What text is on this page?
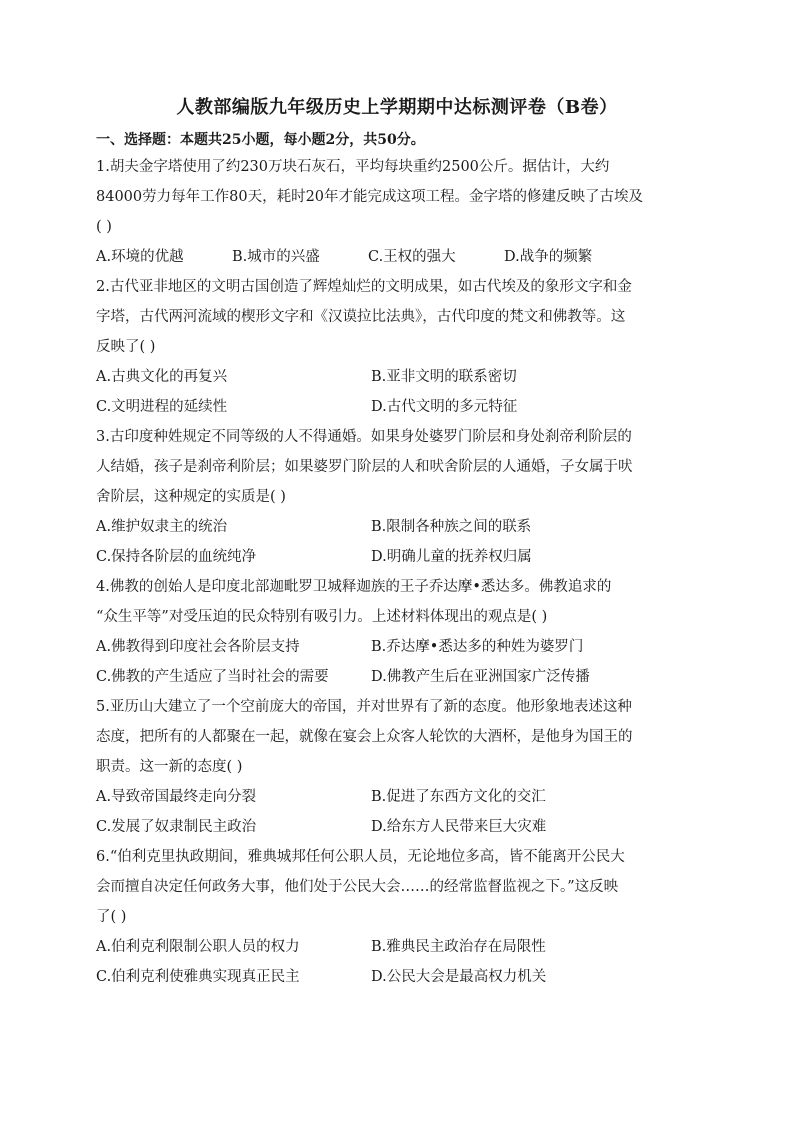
人教部编版九年级历史上学期期中达标测评卷（B卷）

一、选择题：本题共25小题，每小题2分，共50分。

1.胡夫金字塔使用了约230万块石灰石，平均每块重约2500公斤。据估计，大约

84000劳力每年工作80天，耗时20年才能完成这项工程。金字塔的修建反映了古埃及

( )

A.环境的优越	B.城市的兴盛	C.王权的强大	D.战争的频繁

2.古代亚非地区的文明古国创造了辉煌灿烂的文明成果，如古代埃及的象形文字和金

字塔，古代两河流域的楔形文字和《汉谟拉比法典》，古代印度的梵文和佛教等。这

反映了( )

A.古典文化的再复兴	B.亚非文明的联系密切
C.文明进程的延续性	D.古代文明的多元特征

3.古印度种姓规定不同等级的人不得通婚。如果身处婆罗门阶层和身处刹帝利阶层的

人结婚，孩子是刹帝利阶层；如果婆罗门阶层的人和吠舍阶层的人通婚，子女属于吠

舍阶层，这种规定的实质是( )

A.维护奴隶主的统治	B.限制各种族之间的联系
C.保持各阶层的血统纯净	D.明确儿童的抚养权归属

4.佛教的创始人是印度北部迦毗罗卫城释迦族的王子乔达摩•悉达多。佛教追求的

“众生平等”对受压迫的民众特别有吸引力。上述材料体现出的观点是( )

A.佛教得到印度社会各阶层支持	B.乔达摩•悉达多的种姓为婆罗门
C.佛教的产生适应了当时社会的需要	D.佛教产生后在亚洲国家广泛传播

5.亚历山大建立了一个空前庞大的帝国，并对世界有了新的态度。他形象地表述这种

态度，把所有的人都聚在一起，就像在宴会上众客人轮饮的大酒杯，是他身为国王的

职责。这一新的态度( )

A.导致帝国最终走向分裂	B.促进了东西方文化的交汇
C.发展了奴隶制民主政治	D.给东方人民带来巨大灾难

6.“伯利克里执政期间，雅典城邦任何公职人员，无论地位多高，皆不能离开公民大

会而擅自决定任何政务大事，他们处于公民大会……的经常监督监视之下。”这反映

了( )

A.伯利克利限制公职人员的权力	B.雅典民主政治存在局限性
C.伯利克利使雅典实现真正民主	D.公民大会是最高权力机关
